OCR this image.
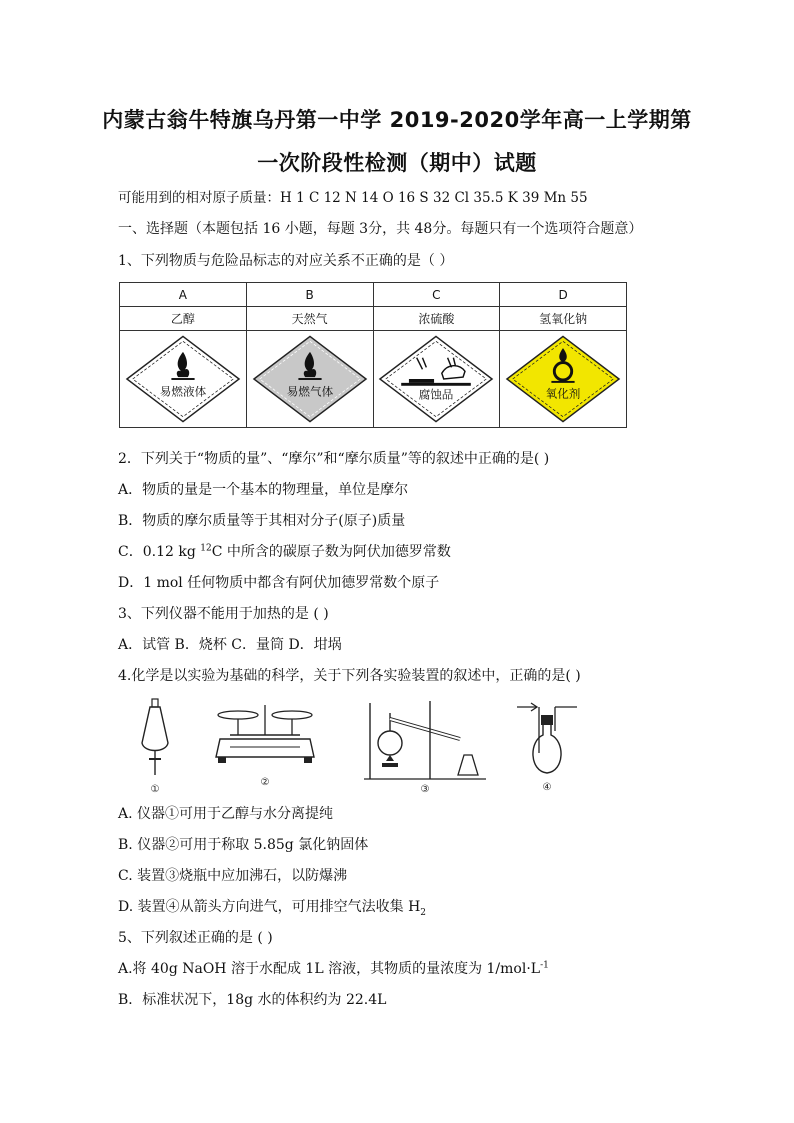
内蒙古翁牛特旗乌丹第一中学 2019-2020学年高一上学期第
一次阶段性检测（期中）试题
可能用到的相对原子质量：H 1 C 12 N 14 O 16 S 32 Cl 35.5 K 39 Mn 55
一、选择题（本题包括 16 小题，每题 3分，共 48分。每题只有一个选项符合题意）
1、下列物质与危险品标志的对应关系不正确的是（ ）
A	B	C	D
乙醇	天然气	浓硫酸	氢氧化钠

易燃液体	易燃气体	腐蚀品	氧化剂
2．下列关于“物质的量”、“摩尔”和“摩尔质量”等的叙述中正确的是( )
A．物质的量是一个基本的物理量，单位是摩尔
B．物质的摩尔质量等于其相对分子(原子)质量
C．0.12 kg $^{12}$C 中所含的碳原子数为阿伏加德罗常数
D．1 mol 任何物质中都含有阿伏加德罗常数个原子
3、下列仪器不能用于加热的是 ( )
A．试管 B．烧杯 C．量筒 D．坩埚
4.化学是以实验为基础的科学，关于下列各实验装置的叙述中，正确的是( )
①
②
③	④
A. 仪器①可用于乙醇与水分离提纯
B. 仪器②可用于称取 5.85g 氯化钠固体
C. 装置③烧瓶中应加沸石，以防爆沸
D. 装置④从箭头方向进气，可用排空气法收集 $H_2$
5、下列叙述正确的是 ( )
A.将 40g NaOH 溶于水配成 1L 溶液，其物质的量浓度为 $1/mol\cdot L^{-1}$
B．标准状况下，18g 水的体积约为 22.4L
